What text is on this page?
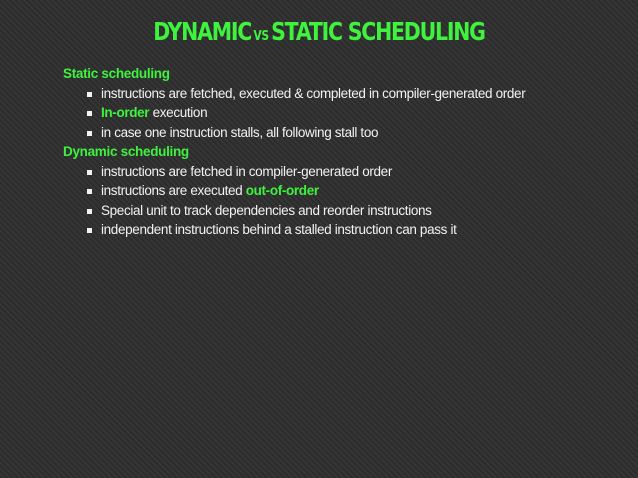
DYNAMIC VSSTATIC SCHEDULING
Static scheduling
instructions are fetched, executed & completed in compiler-generated order
In-order execution
in case one instruction stalls, all following stall too
Dynamic scheduling
instructions are fetched in compiler-generated order
instructions are executed out-of-order
Special unit to track dependencies and reorder instructions
independent instructions behind a stalled instruction can pass it
